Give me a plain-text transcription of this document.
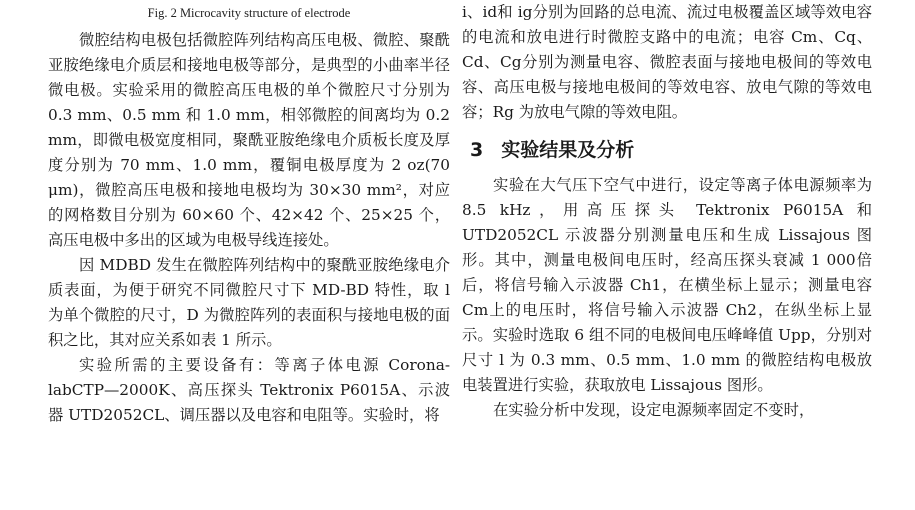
Fig. 2 Microcavity structure of electrode

微腔结构电极包括微腔阵列结构高压电极、微腔、聚酰亚胺绝缘电介质层和接地电极等部分，是典型的小曲率半径微电极。实验采用的微腔高压电极的单个微腔尺寸分别为 0.3 mm、0.5 mm 和 1.0 mm，相邻微腔的间离均为 0.2 mm，即微电极宽度相同，聚酰亚胺绝缘电介质板长度及厚度分别为 70 mm、1.0 mm，覆铜电极厚度为 2 oz(70 μm)，微腔高压电极和接地电极均为 30×30 mm²，对应的网格数目分别为 60×60 个、42×42 个、25×25 个，高压电极中多出的区域为电极导线连接处。

因 MDBD 发生在微腔阵列结构中的聚酰亚胺绝缘电介质表面，为便于研究不同微腔尺寸下 MD-BD 特性，取 l 为单个微腔的尺寸，D 为微腔阵列的表面积与接地电极的面积之比，其对应关系如表 1 所示。

实验所需的主要设备有：等离子体电源 Corona-labCTP—2000K、高压探头 Tektronix P6015A、示波器 UTD2052CL、调压器以及电容和电阻等。实验时，将

i、id和 ig分别为回路的总电流、流过电极覆盖区域等效电容的电流和放电进行时微腔支路中的电流；电容 Cm、Cq、Cd、Cg分别为测量电容、微腔表面与接地电极间的等效电容、高压电极与接地电极间的等效电容、放电气隙的等效电容；Rg 为放电气隙的等效电阻。

3 实验结果及分析

实验在大气压下空气中进行，设定等离子体电源频率为 8.5 kHz，用高压探头 Tektronix P6015A 和 UTD2052CL 示波器分别测量电压和生成 Lissajous 图形。其中，测量电极间电压时，经高压探头衰减 1 000倍后，将信号输入示波器 Ch1，在横坐标上显示；测量电容 Cm上的电压时，将信号输入示波器 Ch2，在纵坐标上显示。实验时选取 6 组不同的电极间电压峰峰值 Upp，分别对尺寸 l 为 0.3 mm、0.5 mm、1.0 mm 的微腔结构电极放电装置进行实验，获取放电 Lissajous 图形。

在实验分析中发现，设定电源频率固定不变时，
